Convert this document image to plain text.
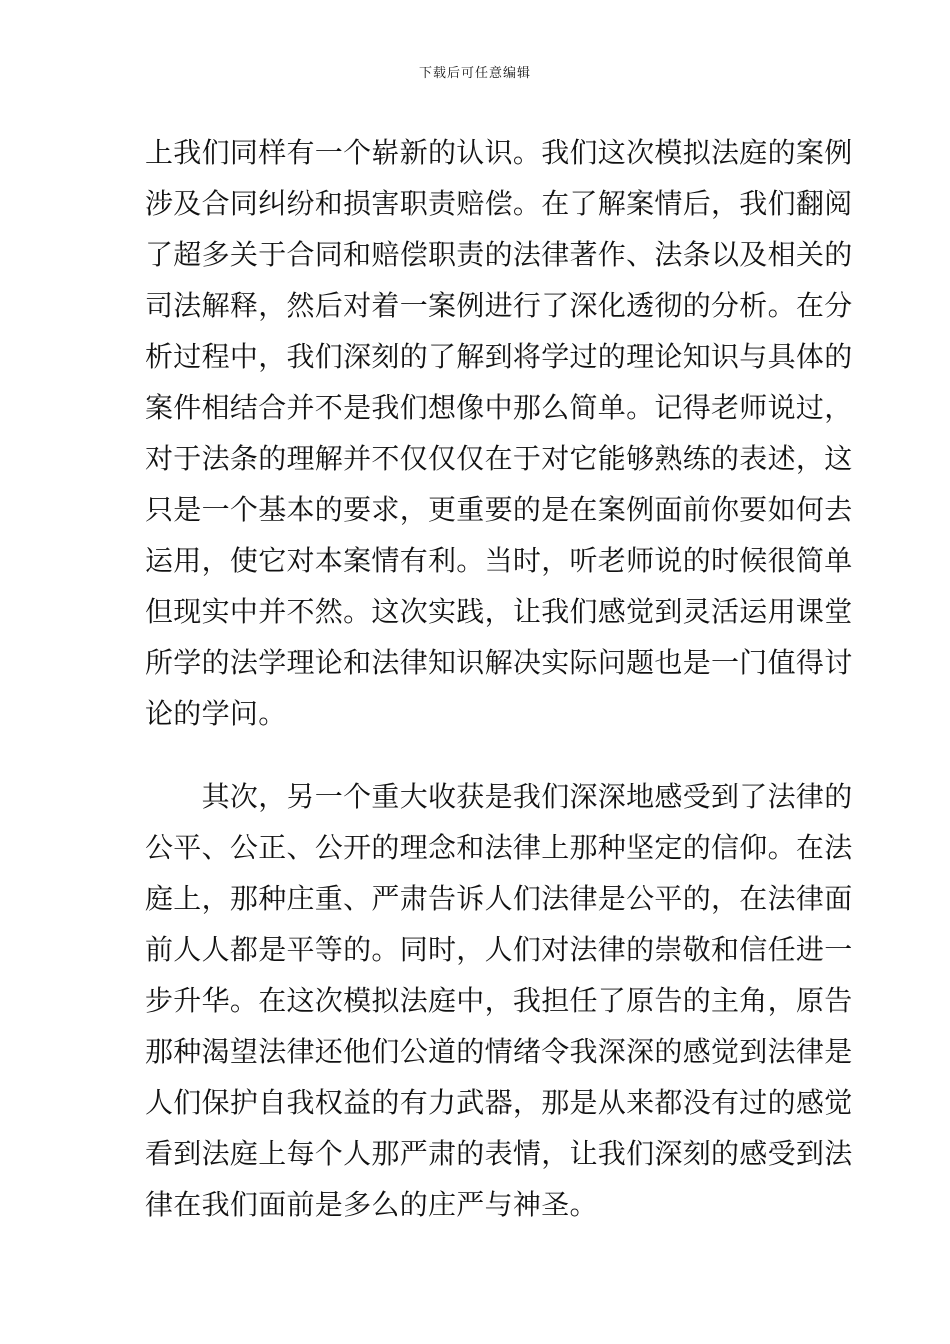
下载后可任意编辑
上我们同样有一个崭新的认识。我们这次模拟法庭的案例
涉及合同纠纷和损害职责赔偿。在了解案情后，我们翻阅
了超多关于合同和赔偿职责的法律著作、法条以及相关的
司法解释，然后对着一案例进行了深化透彻的分析。在分
析过程中，我们深刻的了解到将学过的理论知识与具体的
案件相结合并不是我们想像中那么简单。记得老师说过，
对于法条的理解并不仅仅仅在于对它能够熟练的表述，这
只是一个基本的要求，更重要的是在案例面前你要如何去
运用，使它对本案情有利。当时，听老师说的时候很简单
但现实中并不然。这次实践，让我们感觉到灵活运用课堂
所学的法学理论和法律知识解决实际问题也是一门值得讨
论的学问。
　　其次，另一个重大收获是我们深深地感受到了法律的
公平、公正、公开的理念和法律上那种坚定的信仰。在法
庭上，那种庄重、严肃告诉人们法律是公平的，在法律面
前人人都是平等的。同时，人们对法律的崇敬和信任进一
步升华。在这次模拟法庭中，我担任了原告的主角，原告
那种渴望法律还他们公道的情绪令我深深的感觉到法律是
人们保护自我权益的有力武器，那是从来都没有过的感觉
看到法庭上每个人那严肃的表情，让我们深刻的感受到法
律在我们面前是多么的庄严与神圣。
